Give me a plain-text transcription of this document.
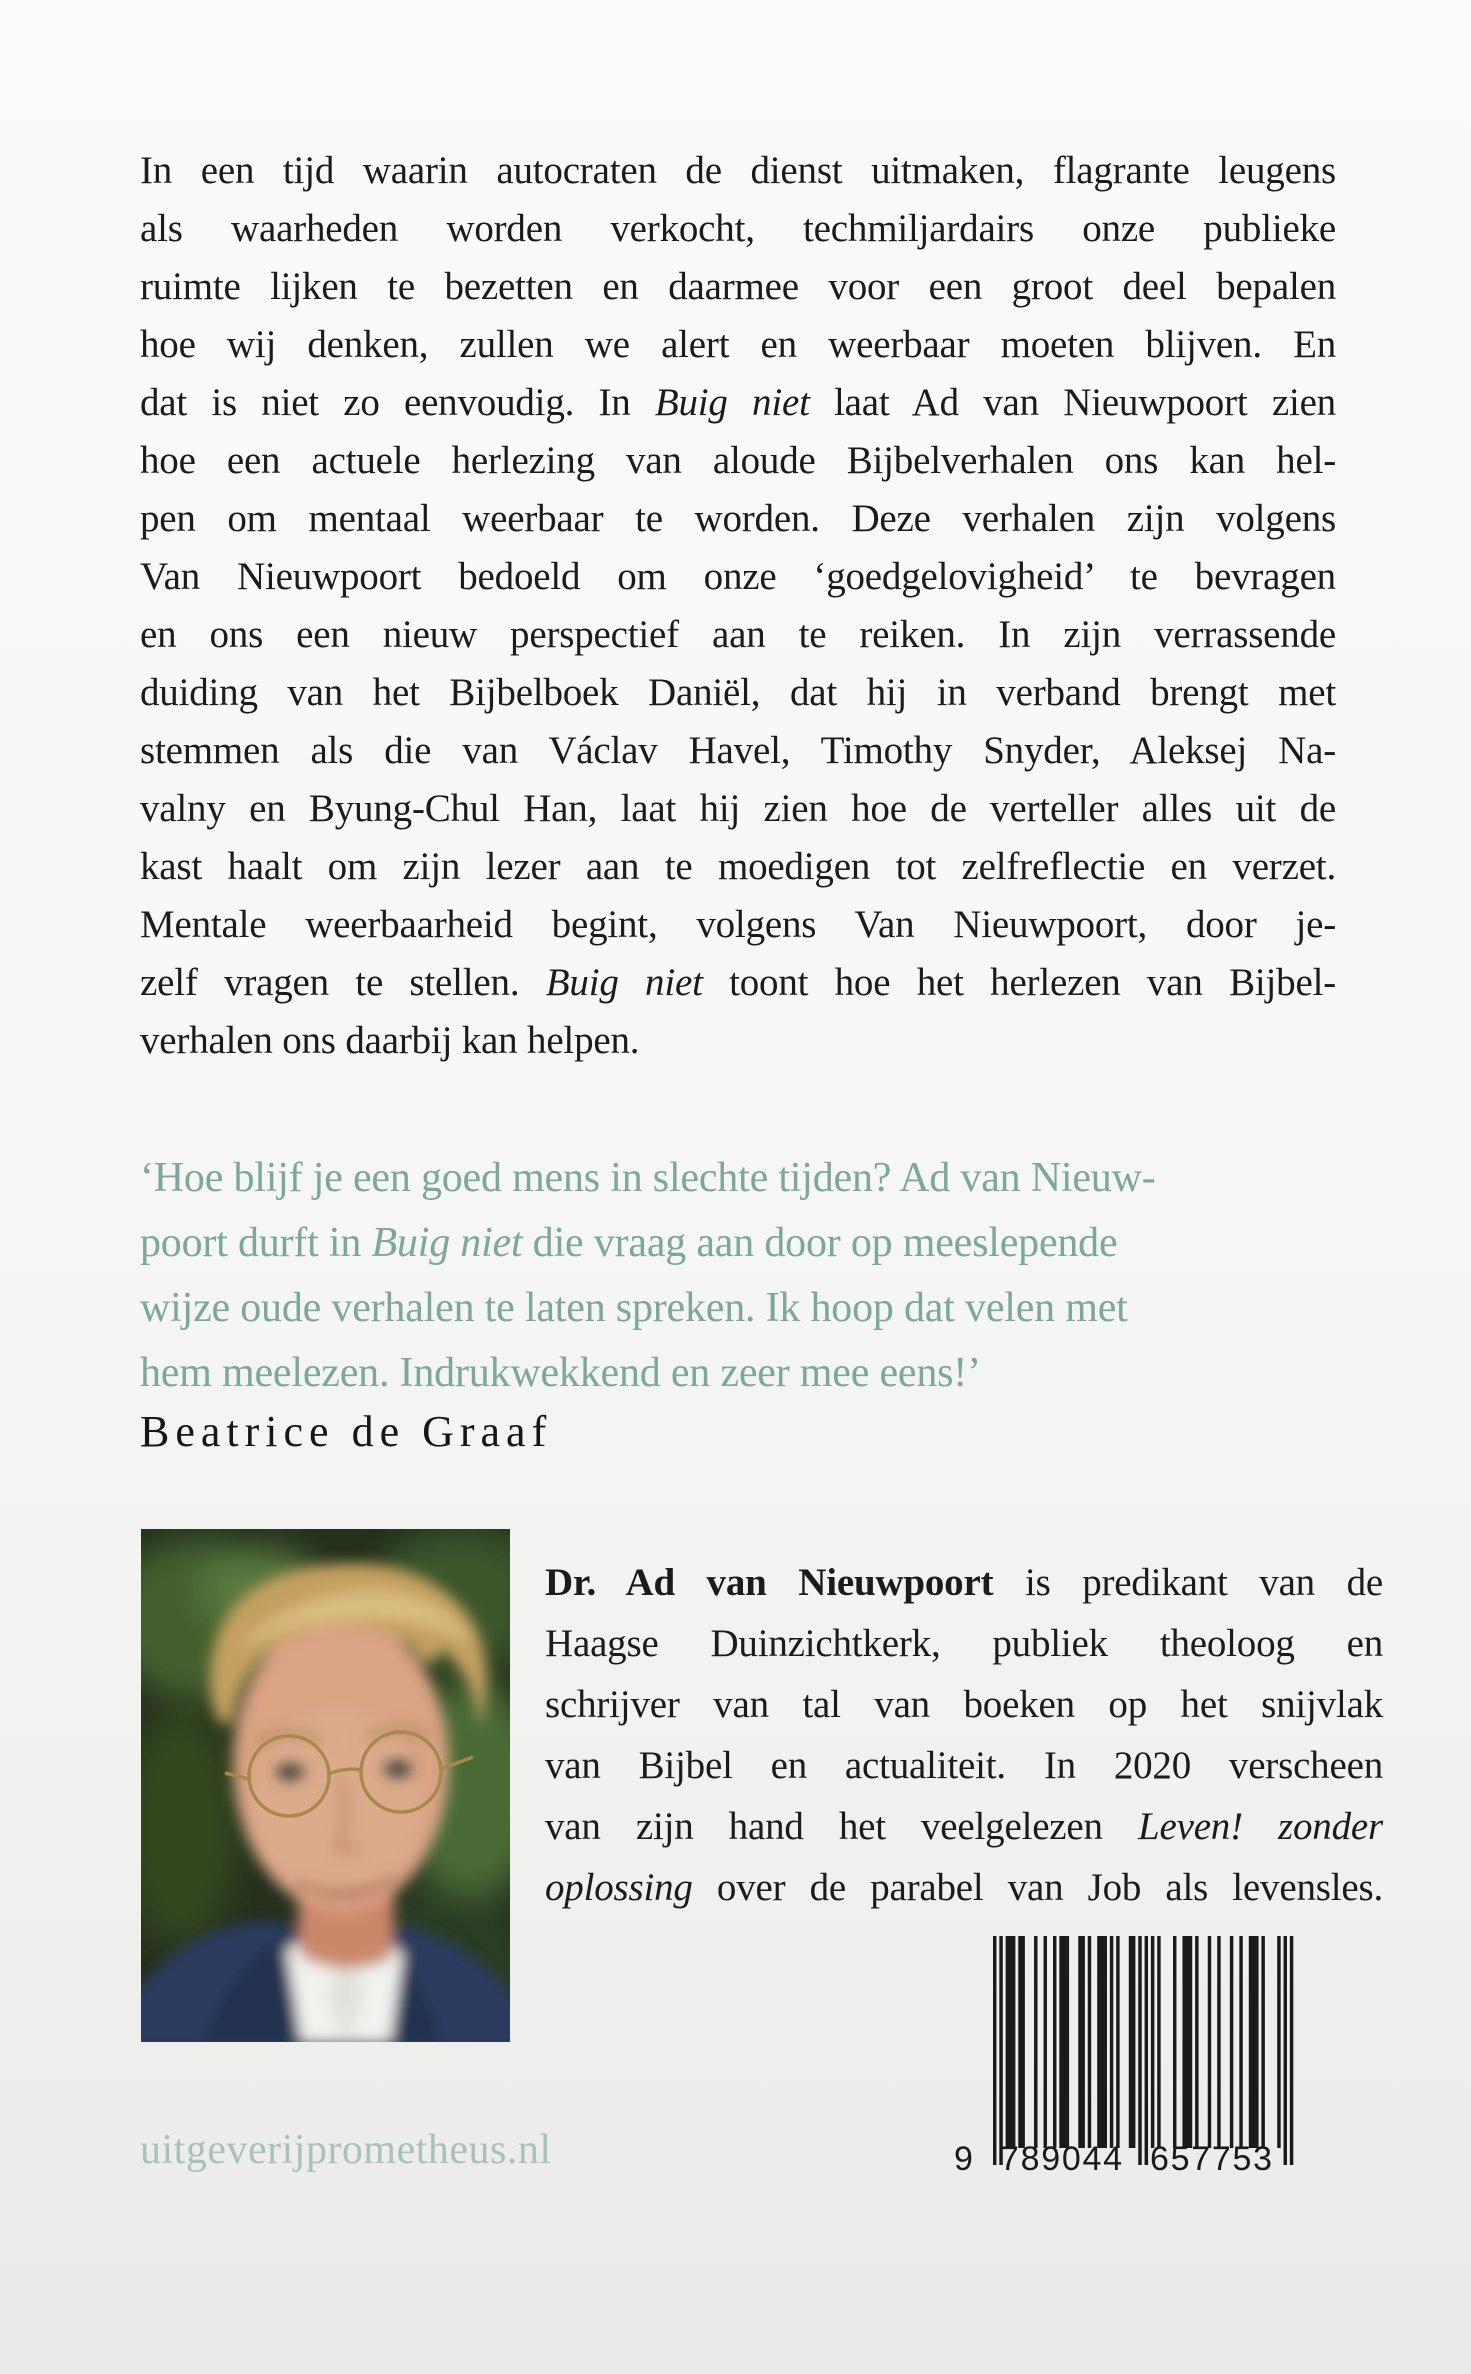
In een tijd waarin autocraten de dienst uitmaken, flagrante leugens
als waarheden worden verkocht, techmiljardairs onze publieke
ruimte lijken te bezetten en daarmee voor een groot deel bepalen
hoe wij denken, zullen we alert en weerbaar moeten blijven. En
dat is niet zo eenvoudig. In Buig niet laat Ad van Nieuwpoort zien
hoe een actuele herlezing van aloude Bijbelverhalen ons kan hel-
pen om mentaal weerbaar te worden. Deze verhalen zijn volgens
Van Nieuwpoort bedoeld om onze ‘goedgelovigheid’ te bevragen
en ons een nieuw perspectief aan te reiken. In zijn verrassende
duiding van het Bijbelboek Daniël, dat hij in verband brengt met
stemmen als die van Václav Havel, Timothy Snyder, Aleksej Na-
valny en Byung-Chul Han, laat hij zien hoe de verteller alles uit de
kast haalt om zijn lezer aan te moedigen tot zelfreflectie en verzet.
Mentale weerbaarheid begint, volgens Van Nieuwpoort, door je-
zelf vragen te stellen. Buig niet toont hoe het herlezen van Bijbel-
verhalen ons daarbij kan helpen.
‘Hoe blijf je een goed mens in slechte tijden? Ad van Nieuw-
poort durft in Buig niet die vraag aan door op meeslepende
wijze oude verhalen te laten spreken. Ik hoop dat velen met
hem meelezen. Indrukwekkend en zeer mee eens!’
Beatrice de Graaf
Dr. Ad van Nieuwpoort is predikant van de
Haagse Duinzichtkerk, publiek theoloog en
schrijver van tal van boeken op het snijvlak
van Bijbel en actualiteit. In 2020 verscheen
van zijn hand het veelgelezen Leven! zonder
oplossing over de parabel van Job als levensles.
9 789044 657753
uitgeverijprometheus.nl
